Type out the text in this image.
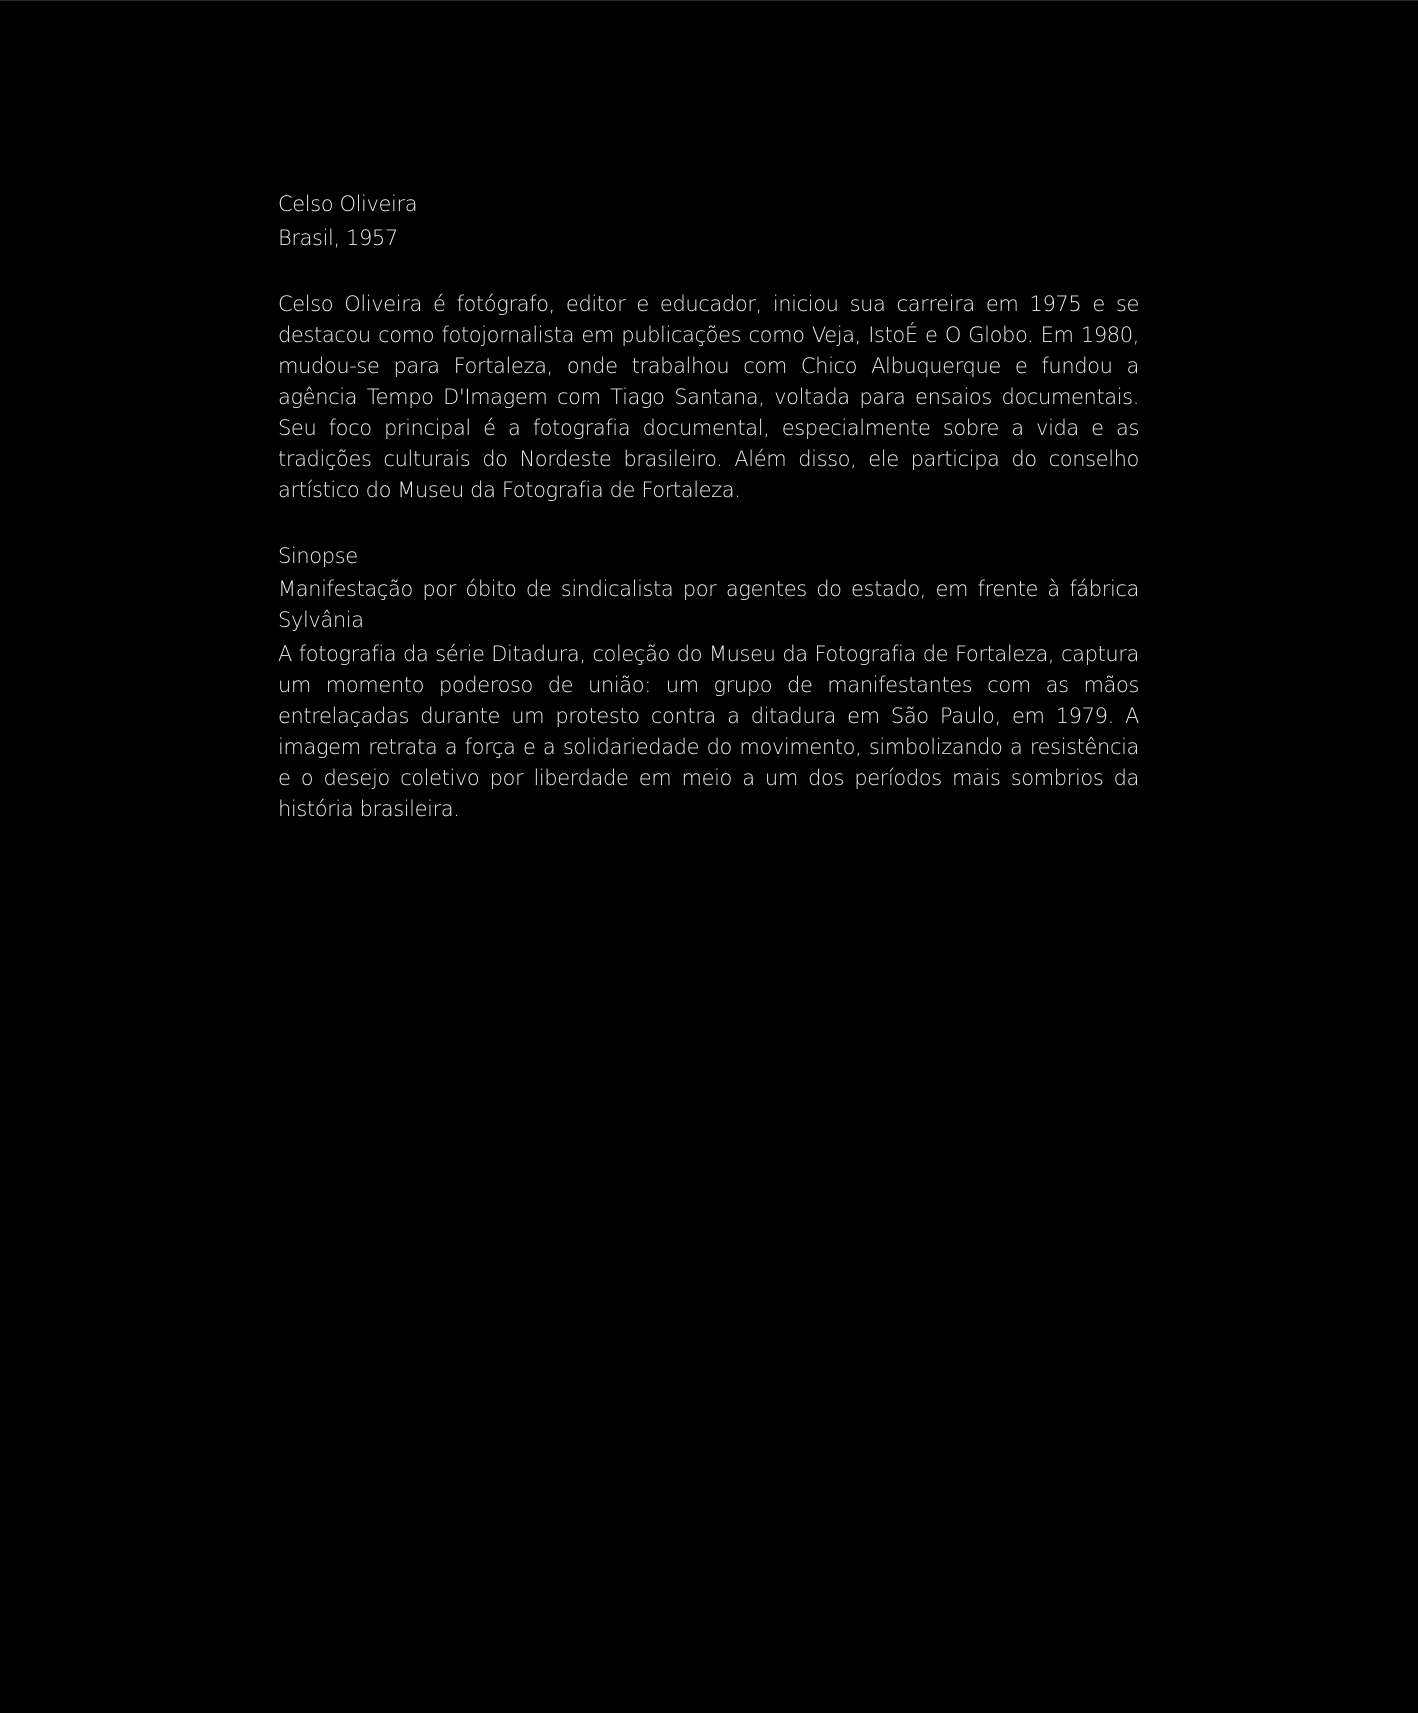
Celso Oliveira
Brasil, 1957

Celso Oliveira é fotógrafo, editor e educador, iniciou sua carreira em 1975 e se destacou como fotojornalista em publicações como Veja, IstoÉ e O Globo. Em 1980, mudou-se para Fortaleza, onde trabalhou com Chico Albuquerque e fundou a agência Tempo D'Imagem com Tiago Santana, voltada para ensaios documentais. Seu foco principal é a fotografia documental, especialmente sobre a vida e as tradições culturais do Nordeste brasileiro. Além disso, ele participa do conselho artístico do Museu da Fotografia de Fortaleza.

Sinopse
Manifestação por óbito de sindicalista por agentes do estado, em frente à fábrica Sylvânia
A fotografia da série Ditadura, coleção do Museu da Fotografia de Fortaleza, captura um momento poderoso de união: um grupo de manifestantes com as mãos entrelaçadas durante um protesto contra a ditadura em São Paulo, em 1979. A imagem retrata a força e a solidariedade do movimento, simbolizando a resistência e o desejo coletivo por liberdade em meio a um dos períodos mais sombrios da história brasileira.
